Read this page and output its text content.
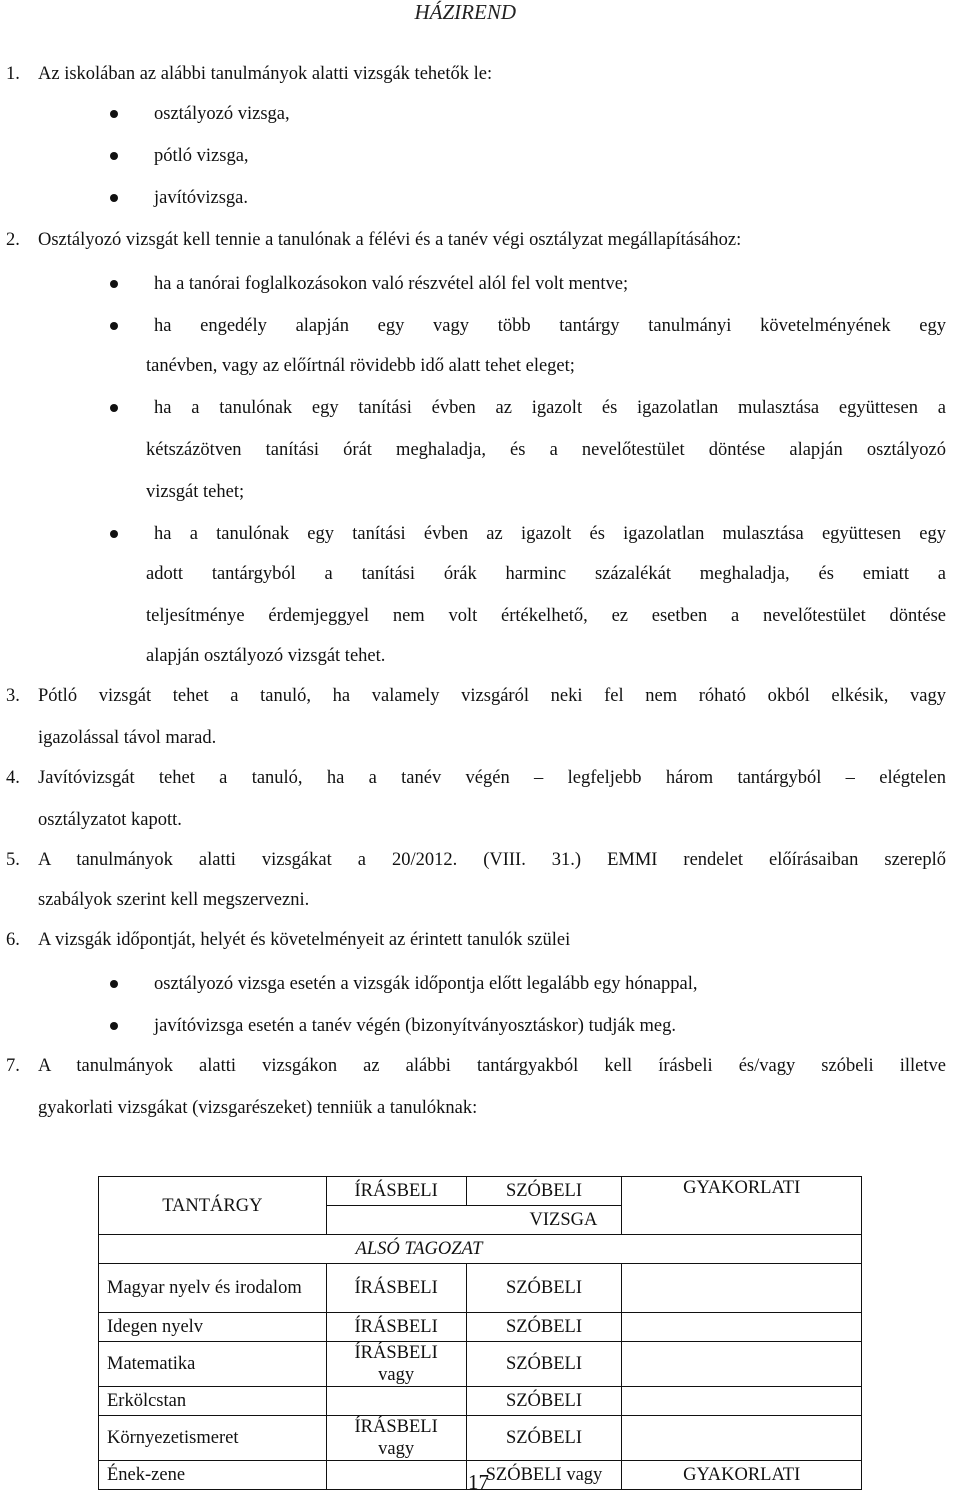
HÁZIREND
1. Az iskolában az alábbi tanulmányok alatti vizsgák tehetők le:
osztályozó vizsga,
pótló vizsga,
javítóvizsga.
2. Osztályozó vizsgát kell tennie a tanulónak a félévi és a tanév végi osztályzat megállapításához:
ha a tanórai foglalkozásokon való részvétel alól fel volt mentve;
ha engedély alapján egy vagy több tantárgy tanulmányi követelményének egy
tanévben, vagy az előírtnál rövidebb idő alatt tehet eleget;
ha a tanulónak egy tanítási évben az igazolt és igazolatlan mulasztása együttesen a
kétszázötven tanítási órát meghaladja, és a nevelőtestület döntése alapján osztályozó
vizsgát tehet;
ha a tanulónak egy tanítási évben az igazolt és igazolatlan mulasztása együttesen egy
adott tantárgyból a tanítási órák harminc százalékát meghaladja, és emiatt a
teljesítménye érdemjeggyel nem volt értékelhető, ez esetben a nevelőtestület döntése
alapján osztályozó vizsgát tehet.
3. Pótló vizsgát tehet a tanuló, ha valamely vizsgáról neki fel nem róható okból elkésik, vagy
igazolással távol marad.
4. Javítóvizsgát tehet a tanuló, ha a tanév végén – legfeljebb három tantárgyból – elégtelen
osztályzatot kapott.
5. A tanulmányok alatti vizsgákat a 20/2012. (VIII. 31.) EMMI rendelet előírásaiban szereplő
szabályok szerint kell megszervezni.
6. A vizsgák időpontját, helyét és követelményeit az érintett tanulók szülei
osztályozó vizsga esetén a vizsgák időpontja előtt legalább egy hónappal,
javítóvizsga esetén a tanév végén (bizonyítványosztáskor) tudják meg.
7. A tanulmányok alatti vizsgákon az alábbi tantárgyakból kell írásbeli és/vagy szóbeli illetve
gyakorlati vizsgákat (vizsgarészeket) tenniük a tanulóknak:
TANTÁRGY	ÍRÁSBELI	SZÓBELI	GYAKORLATI
	VIZSGA		
ALSÓ TAGOZAT			
Magyar nyelv és irodalom	ÍRÁSBELI	SZÓBELI	
Idegen nyelv	ÍRÁSBELI	SZÓBELI	
Matematika	ÍRÁSBELI vagy	SZÓBELI	
Erkölcstan		SZÓBELI	
Környezetismeret	ÍRÁSBELI vagy	SZÓBELI	
Ének-zene		SZÓBELI vagy	GYAKORLATI
17
